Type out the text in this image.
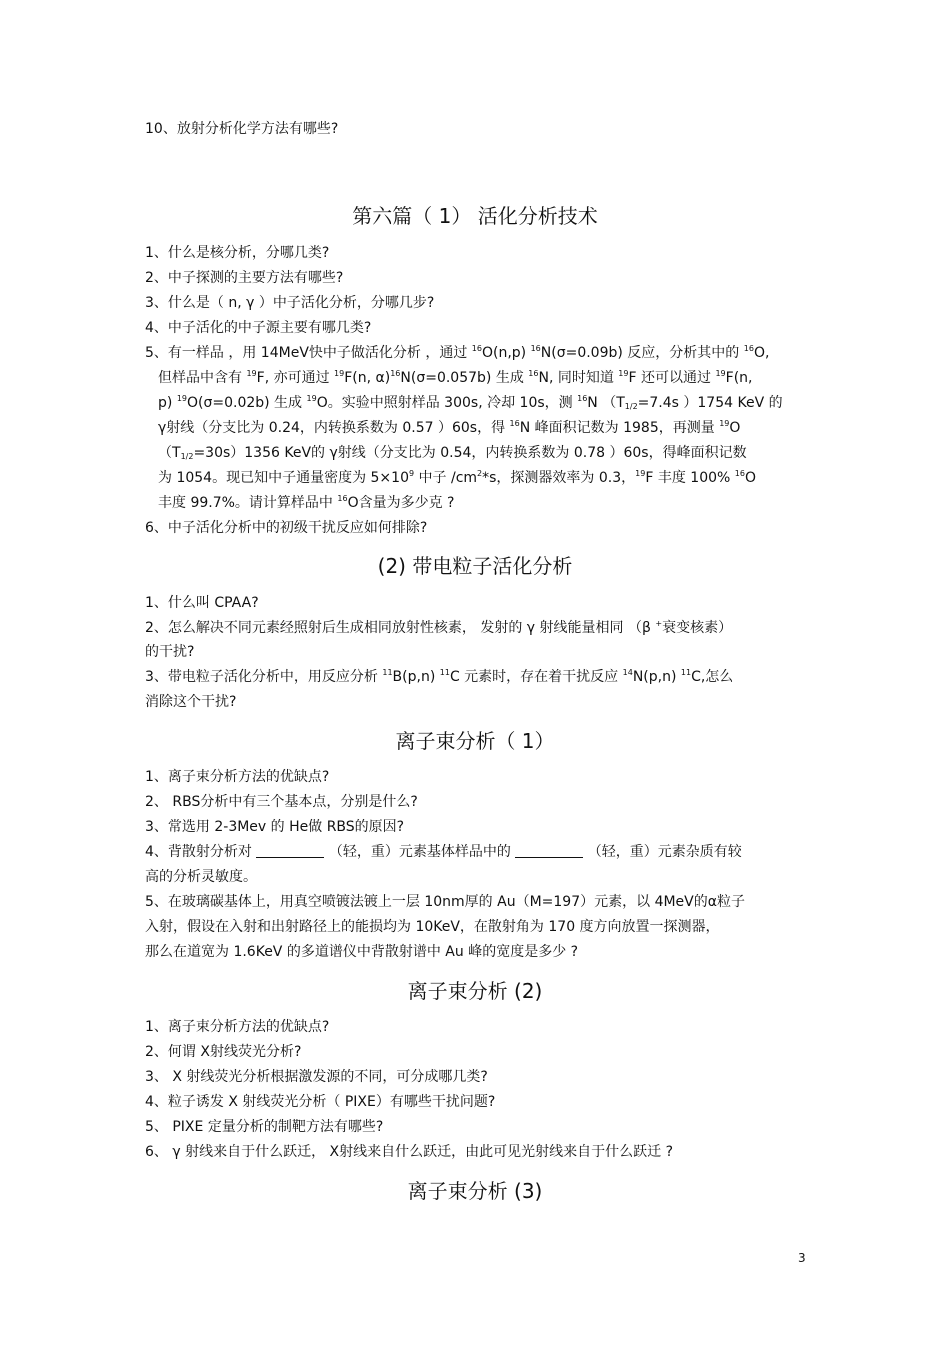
10、放射分析化学方法有哪些?
第六篇（ 1） 活化分析技术
1、什么是核分析，分哪几类?
2、中子探测的主要方法有哪些?
3、什么是（ n, γ ）中子活化分析，分哪几步?
4、中子活化的中子源主要有哪几类?
5、有一样品 ，用 14MeV快中子做活化分析 ，通过 $^{16}$O(n,p) $^{16}$N(σ=0.09b) 反应，分析其中的 $^{16}$O,
但样品中含有 $^{19}$F, 亦可通过 $^{19}$F(n, α)$^{16}$N(σ=0.057b) 生成 $^{16}$N, 同时知道 $^{19}$F 还可以通过 $^{19}$F(n,
p) $^{19}$O(σ=0.02b) 生成 $^{19}$O。实验中照射样品 300s, 冷却 10s，测 $^{16}$N （$T_{1/2}=7.4s$ ）1754 KeV 的
γ射线（分支比为 0.24，内转换系数为 0.57 ）60s，得 $^{16}$N 峰面积记数为 1985，再测量 $^{19}$O
$(T_{1/2}=30s)1356$ KeV的 γ射线（分支比为 0.54，内转换系数为 0.78 ）60s，得峰面积记数
为 1054。现已知中子通量密度为 $5\times 10^9$ 中子 $/cm^2*s$，探测器效率为 0.3，$^{19}$F 丰度 100% $^{16}$O
丰度 99.7%。请计算样品中 $^{16}$O含量为多少克 ?
6、中子活化分析中的初级干扰反应如何排除?
(2) 带电粒子活化分析
1、什么叫 CPAA?
2、怎么解决不同元素经照射后生成相同放射性核素， 发射的 γ 射线能量相同 （β +衰变核素）
的干扰?
3、带电粒子活化分析中，用反应分析 $^{11}$B(p,n) $^{11}$C 元素时，存在着干扰反应 $^{14}$N(p,n) $^{11}$C,怎么
消除这个干扰?
离子束分析（ 1）
1、离子束分析方法的优缺点?
2、 RBS分析中有三个基本点，分别是什么?
3、常选用 2-3Mev 的 He做 RBS的原因?
4、背散射分析对	（轻，重）元素基体样品中的	（轻，重）元素杂质有较
高的分析灵敏度。
5、在玻璃碳基体上，用真空喷镀法镀上一层 10nm厚的 Au（M=197）元素，以 4MeV的α粒子
入射，假设在入射和出射路径上的能损均为 10KeV，在散射角为 170 度方向放置一探测器，
那么在道宽为 1.6KeV 的多道谱仪中背散射谱中 Au 峰的宽度是多少 ?
离子束分析 (2)
1、离子束分析方法的优缺点?
2、何谓 X射线荧光分析?
3、 X 射线荧光分析根据激发源的不同，可分成哪几类?
4、粒子诱发 X 射线荧光分析（ PIXE）有哪些干扰问题?
5、 PIXE 定量分析的制靶方法有哪些?
6、 γ 射线来自于什么跃迁， X射线来自什么跃迁，由此可见光射线来自于什么跃迁 ?
离子束分析 (3)
3
